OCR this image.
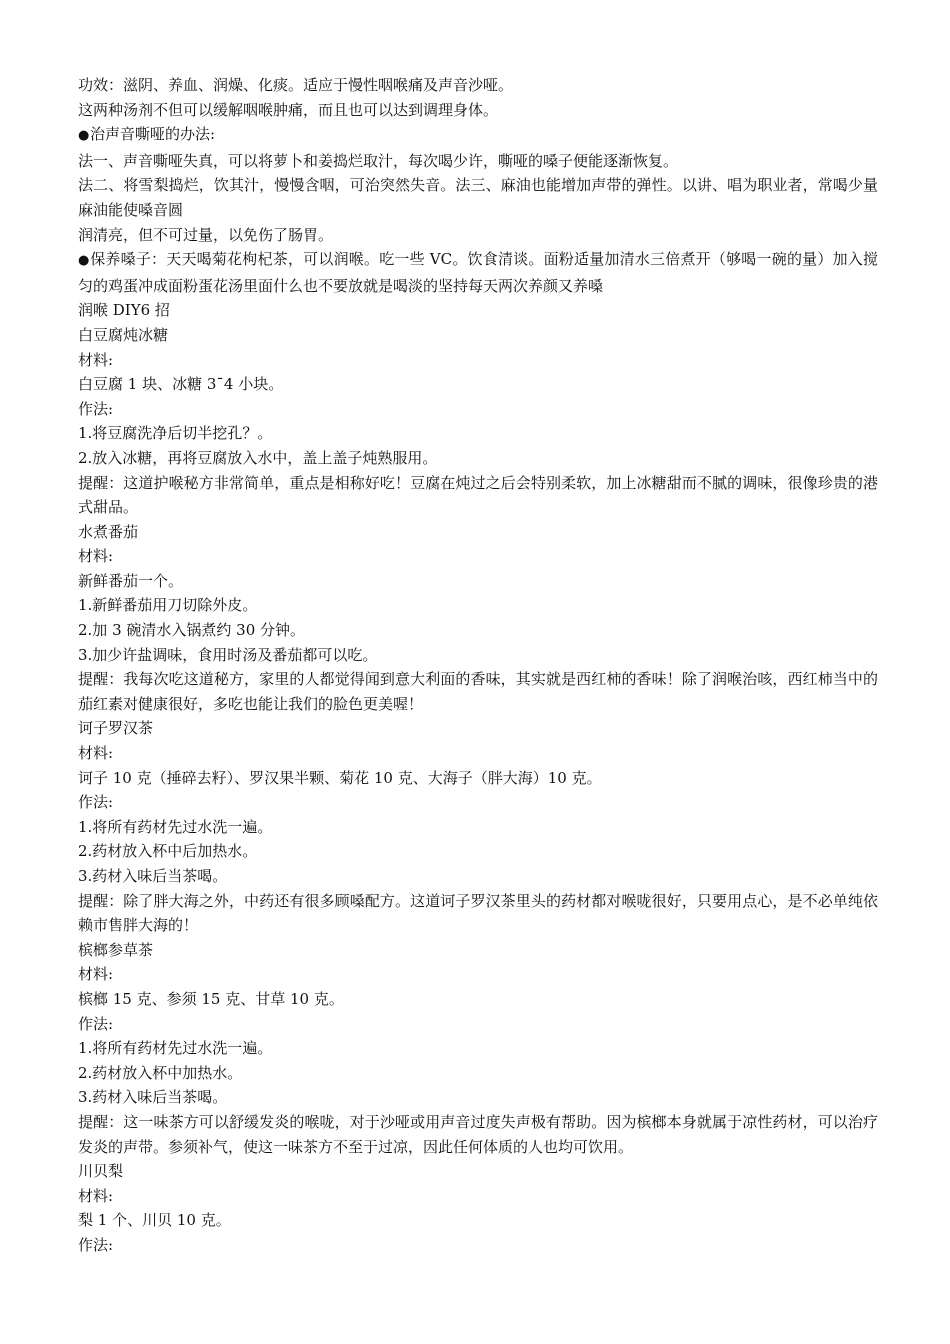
功效：滋阴、养血、润燥、化痰。适应于慢性咽喉痛及声音沙哑。
这两种汤剂不但可以缓解咽喉肿痛，而且也可以达到调理身体。
●治声音嘶哑的办法:
法一、声音嘶哑失真，可以将萝卜和姜捣烂取汁，每次喝少许，嘶哑的嗓子便能逐渐恢复。
法二、将雪梨捣烂，饮其汁，慢慢含咽，可治突然失音。法三、麻油也能增加声带的弹性。以讲、唱为职业者，常喝少量麻油能使嗓音圆
润清亮，但不可过量，以免伤了肠胃。
●保养嗓子：天天喝菊花枸杞茶，可以润喉。吃一些 VC。饮食清谈。面粉适量加清水三倍煮开（够喝一碗的量）加入搅匀的鸡蛋冲成面粉蛋花汤里面什么也不要放就是喝淡的坚持每天两次养颜又养嗓
润喉 DIY6 招
白豆腐炖冰糖
材料:
白豆腐 1 块、冰糖 3¯4 小块。
作法:
1.将豆腐洗净后切半挖孔？。
2.放入冰糖，再将豆腐放入水中，盖上盖子炖熟服用。
提醒：这道护喉秘方非常简单，重点是相称好吃！豆腐在炖过之后会特别柔软，加上冰糖甜而不腻的调味，很像珍贵的港式甜品。
水煮番茄
材料:
新鲜番茄一个。
1.新鲜番茄用刀切除外皮。
2.加 3 碗清水入锅煮约 30 分钟。
3.加少许盐调味，食用时汤及番茄都可以吃。
提醒：我每次吃这道秘方，家里的人都觉得闻到意大利面的香味，其实就是西红柿的香味！除了润喉治咳，西红柿当中的茄红素对健康很好，多吃也能让我们的脸色更美喔！
诃子罗汉茶
材料:
诃子 10 克（捶碎去籽）、罗汉果半颗、菊花 10 克、大海子（胖大海）10 克。
作法:
1.将所有药材先过水洗一遍。
2.药材放入杯中后加热水。
3.药材入味后当茶喝。
提醒：除了胖大海之外，中药还有很多顾嗓配方。这道诃子罗汉茶里头的药材都对喉咙很好，只要用点心，是不必单纯依赖市售胖大海的！
槟榔参草茶
材料:
槟榔 15 克、参须 15 克、甘草 10 克。
作法:
1.将所有药材先过水洗一遍。
2.药材放入杯中加热水。
3.药材入味后当茶喝。
提醒：这一味茶方可以舒缓发炎的喉咙，对于沙哑或用声音过度失声极有帮助。因为槟榔本身就属于凉性药材，可以治疗发炎的声带。参须补气，使这一味茶方不至于过凉，因此任何体质的人也均可饮用。
川贝梨
材料:
梨 1 个、川贝 10 克。
作法:
